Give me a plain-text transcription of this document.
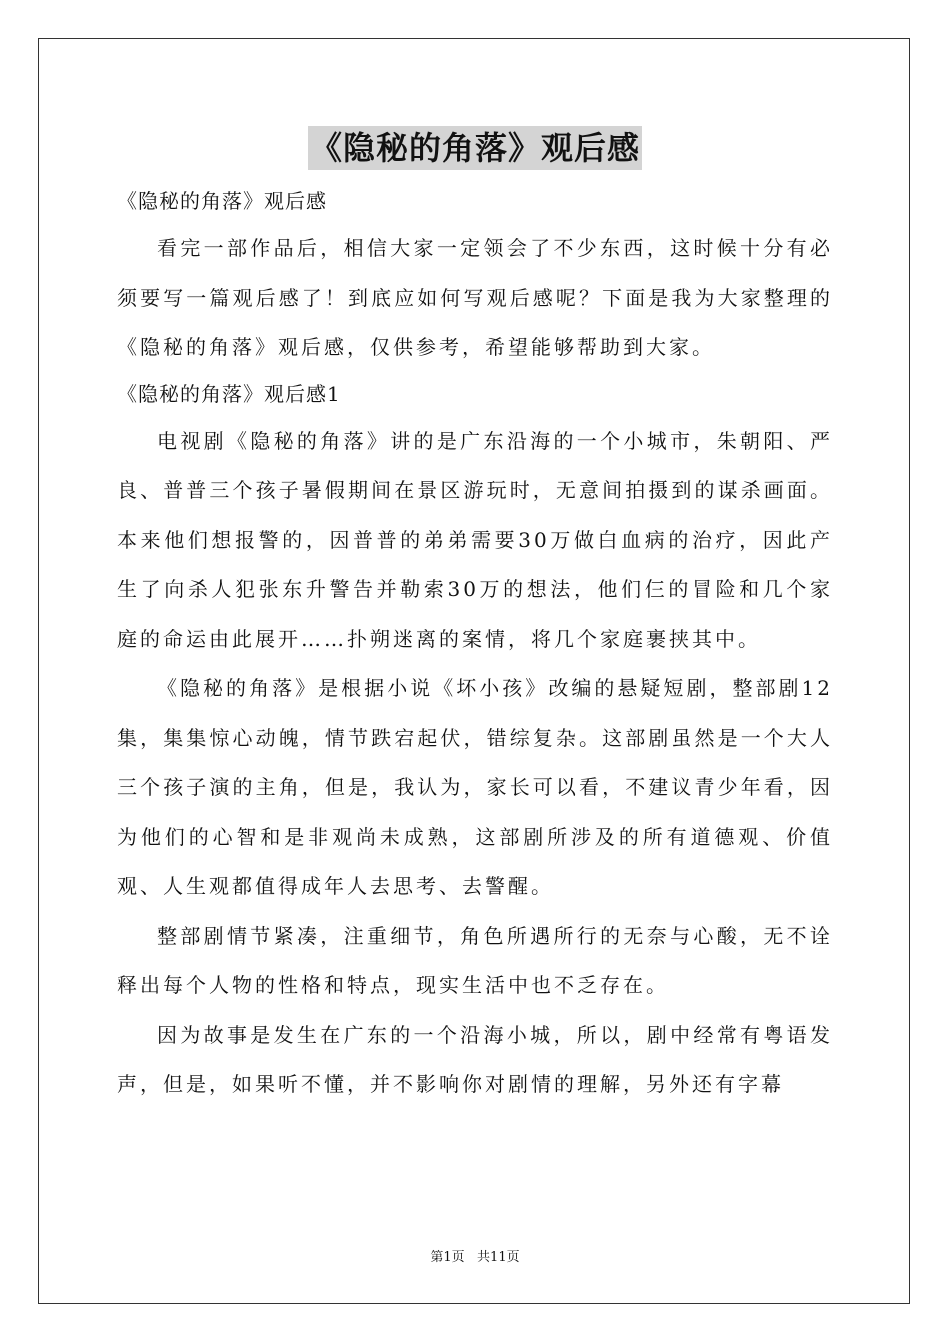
《隐秘的角落》观后感

《隐秘的角落》观后感

看完一部作品后，相信大家一定领会了不少东西，这时候十分有必须要写一篇观后感了！到底应如何写观后感呢？下面是我为大家整理的《隐秘的角落》观后感，仅供参考，希望能够帮助到大家。

《隐秘的角落》观后感1

电视剧《隐秘的角落》讲的是广东沿海的一个小城市，朱朝阳、严良、普普三个孩子暑假期间在景区游玩时，无意间拍摄到的谋杀画面。本来他们想报警的，因普普的弟弟需要30万做白血病的治疗，因此产生了向杀人犯张东升警告并勒索30万的想法，他们仨的冒险和几个家庭的命运由此展开……扑朔迷离的案情，将几个家庭裹挟其中。

《隐秘的角落》是根据小说《坏小孩》改编的悬疑短剧，整部剧12集，集集惊心动魄，情节跌宕起伏，错综复杂。这部剧虽然是一个大人三个孩子演的主角，但是，我认为，家长可以看，不建议青少年看，因为他们的心智和是非观尚未成熟，这部剧所涉及的所有道德观、价值观、人生观都值得成年人去思考、去警醒。

整部剧情节紧凑，注重细节，角色所遇所行的无奈与心酸，无不诠释出每个人物的性格和特点，现实生活中也不乏存在。

因为故事是发生在广东的一个沿海小城，所以，剧中经常有粤语发声，但是，如果听不懂，并不影响你对剧情的理解，另外还有字幕

第1页   共11页
